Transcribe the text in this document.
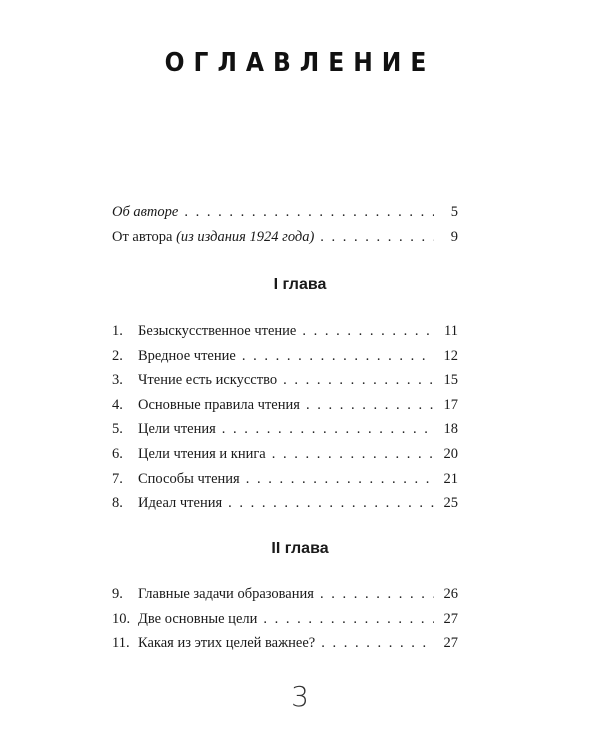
ОГЛАВЛЕНИЕ
Об авторе . . .	5
От автора (из издания 1924 года) . . .	9
I глава
1.	Безыскусственное чтение . . .	11
2.	Вредное чтение . . .	12
3.	Чтение есть искусство . . .	15
4.	Основные правила чтения . . .	17
5.	Цели чтения . . .	18
6.	Цели чтения и книга . . .	20
7.	Способы чтения . . .	21
8.	Идеал чтения . . .	25
II глава
9.	Главные задачи образования . . .	26
10. Две основные цели . . .	27
11. Какая из этих целей важнее? . . .	27
3
